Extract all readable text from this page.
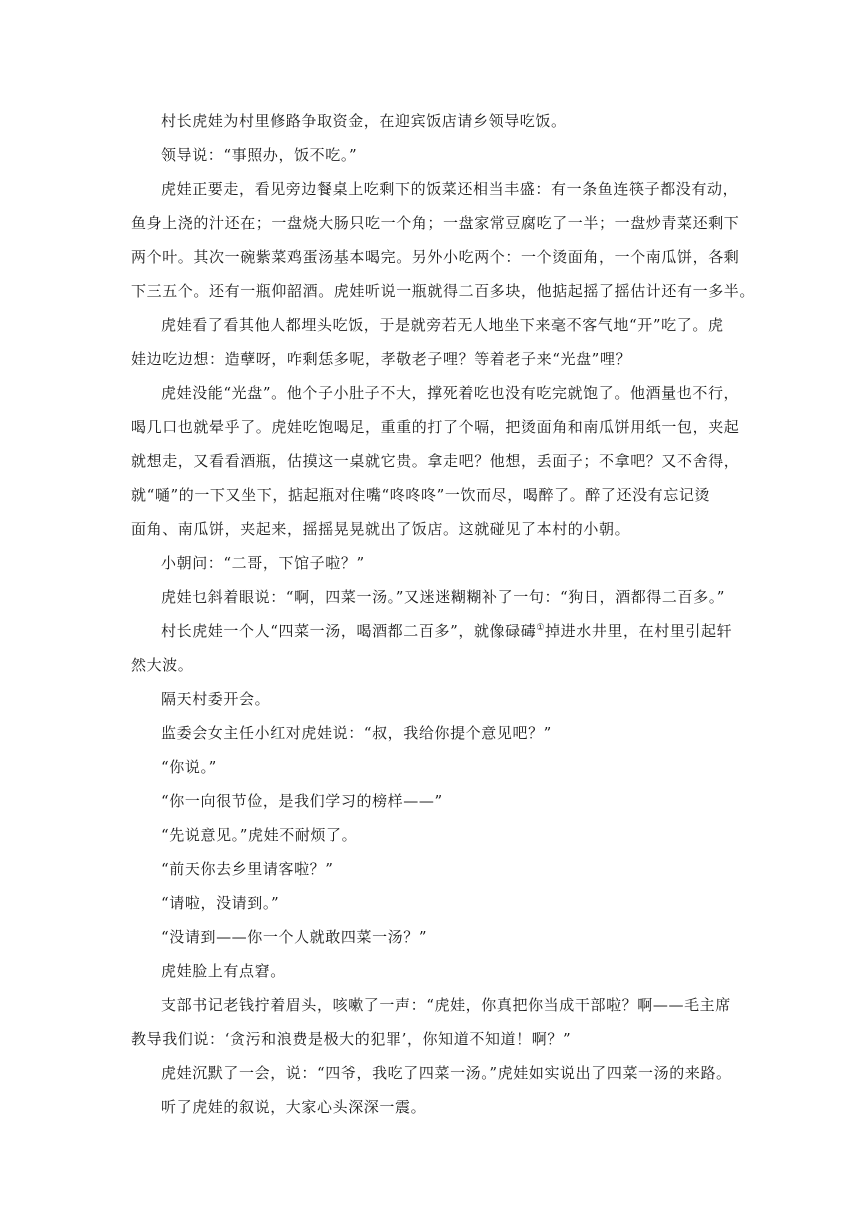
村长虎娃为村里修路争取资金，在迎宾饭店请乡领导吃饭。
领导说：“事照办，饭不吃。”
虎娃正要走，看见旁边餐桌上吃剩下的饭菜还相当丰盛：有一条鱼连筷子都没有动，
鱼身上浇的汁还在；一盘烧大肠只吃一个角；一盘家常豆腐吃了一半；一盘炒青菜还剩下
两个叶。其次一碗紫菜鸡蛋汤基本喝完。另外小吃两个：一个烫面角，一个南瓜饼，各剩
下三五个。还有一瓶仰韶酒。虎娃听说一瓶就得二百多块，他掂起摇了摇估计还有一多半。
虎娃看了看其他人都埋头吃饭，于是就旁若无人地坐下来毫不客气地“开”吃了。虎
娃边吃边想：造孽呀，咋剩恁多呢，孝敬老子哩？等着老子来“光盘”哩？
虎娃没能“光盘”。他个子小肚子不大，撑死着吃也没有吃完就饱了。他酒量也不行，
喝几口也就晕乎了。虎娃吃饱喝足，重重的打了个嗝，把烫面角和南瓜饼用纸一包，夹起
就想走，又看看酒瓶，估摸这一桌就它贵。拿走吧？他想，丢面子；不拿吧？又不舍得，
就“嗵”的一下又坐下，掂起瓶对住嘴“咚咚咚”一饮而尽，喝醉了。醉了还没有忘记烫
面角、南瓜饼，夹起来，摇摇晃晃就出了饭店。这就碰见了本村的小朝。
小朝问：“二哥，下馆子啦？”
虎娃乜斜着眼说：“啊，四菜一汤。”又迷迷糊糊补了一句：“狗日，酒都得二百多。”
村长虎娃一个人“四菜一汤，喝酒都二百多”，就像碌碡①掉进水井里，在村里引起轩
然大波。
隔天村委开会。
监委会女主任小红对虎娃说：“叔，我给你提个意见吧？”
“你说。”
“你一向很节俭，是我们学习的榜样——”
“先说意见。”虎娃不耐烦了。
“前天你去乡里请客啦？”
“请啦，没请到。”
“没请到——你一个人就敢四菜一汤？”
虎娃脸上有点窘。
支部书记老钱拧着眉头，咳嗽了一声：“虎娃，你真把你当成干部啦？啊——毛主席
教导我们说：‘贪污和浪费是极大的犯罪’，你知道不知道！啊？”
虎娃沉默了一会，说：“四爷，我吃了四菜一汤。”虎娃如实说出了四菜一汤的来路。
听了虎娃的叙说，大家心头深深一震。
